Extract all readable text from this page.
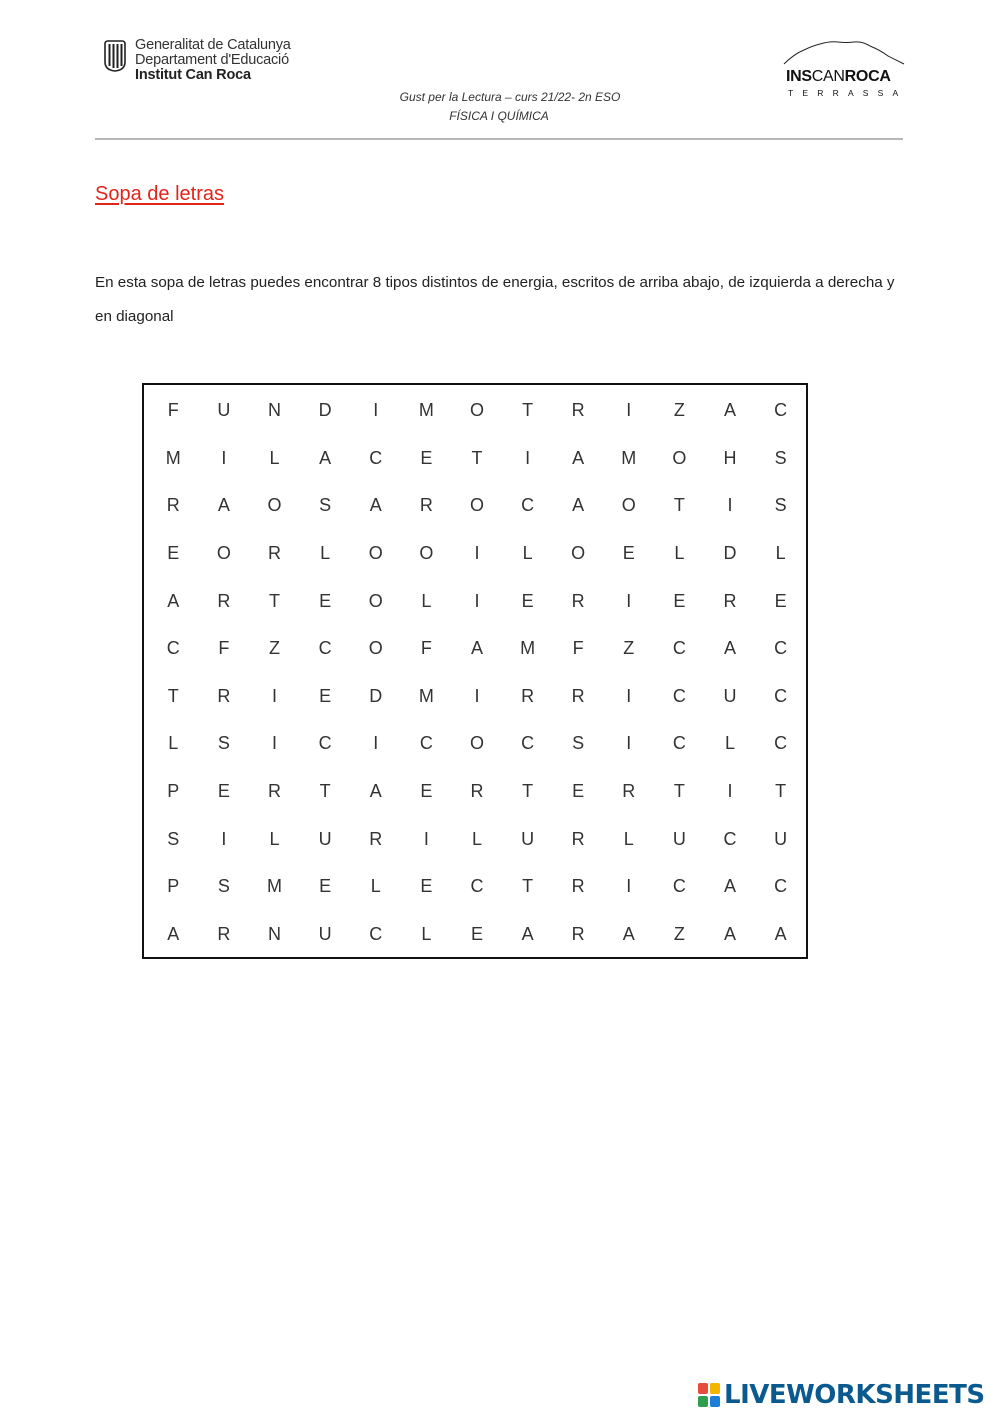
Generalitat de Catalunya
Departament d'Educació
Institut Can Roca
Gust per la Lectura – curs 21/22- 2n ESO
FÍSICA I QUÍMICA
INSCANROCA
TERRASSA
Sopa de letras
En esta sopa de letras puedes encontrar 8 tipos distintos de energia, escritos de arriba abajo, de izquierda a derecha y en diagonal
F	U	N	D	I	M	O	T	R	I	Z	A	C
M	I	L	A	C	E	T	I	A	M	O	H	S
R	A	O	S	A	R	O	C	A	O	T	I	S
E	O	R	L	O	O	I	L	O	E	L	D	L
A	R	T	E	O	L	I	E	R	I	E	R	E
C	F	Z	C	O	F	A	M	F	Z	C	A	C
T	R	I	E	D	M	I	R	R	I	C	U	C
L	S	I	C	I	C	O	C	S	I	C	L	C
P	E	R	T	A	E	R	T	E	R	T	I	T
S	I	L	U	R	I	L	U	R	L	U	C	U
P	S	M	E	L	E	C	T	R	I	C	A	C
A	R	N	U	C	L	E	A	R	A	Z	A	A
LIVEWORKSHEETS
